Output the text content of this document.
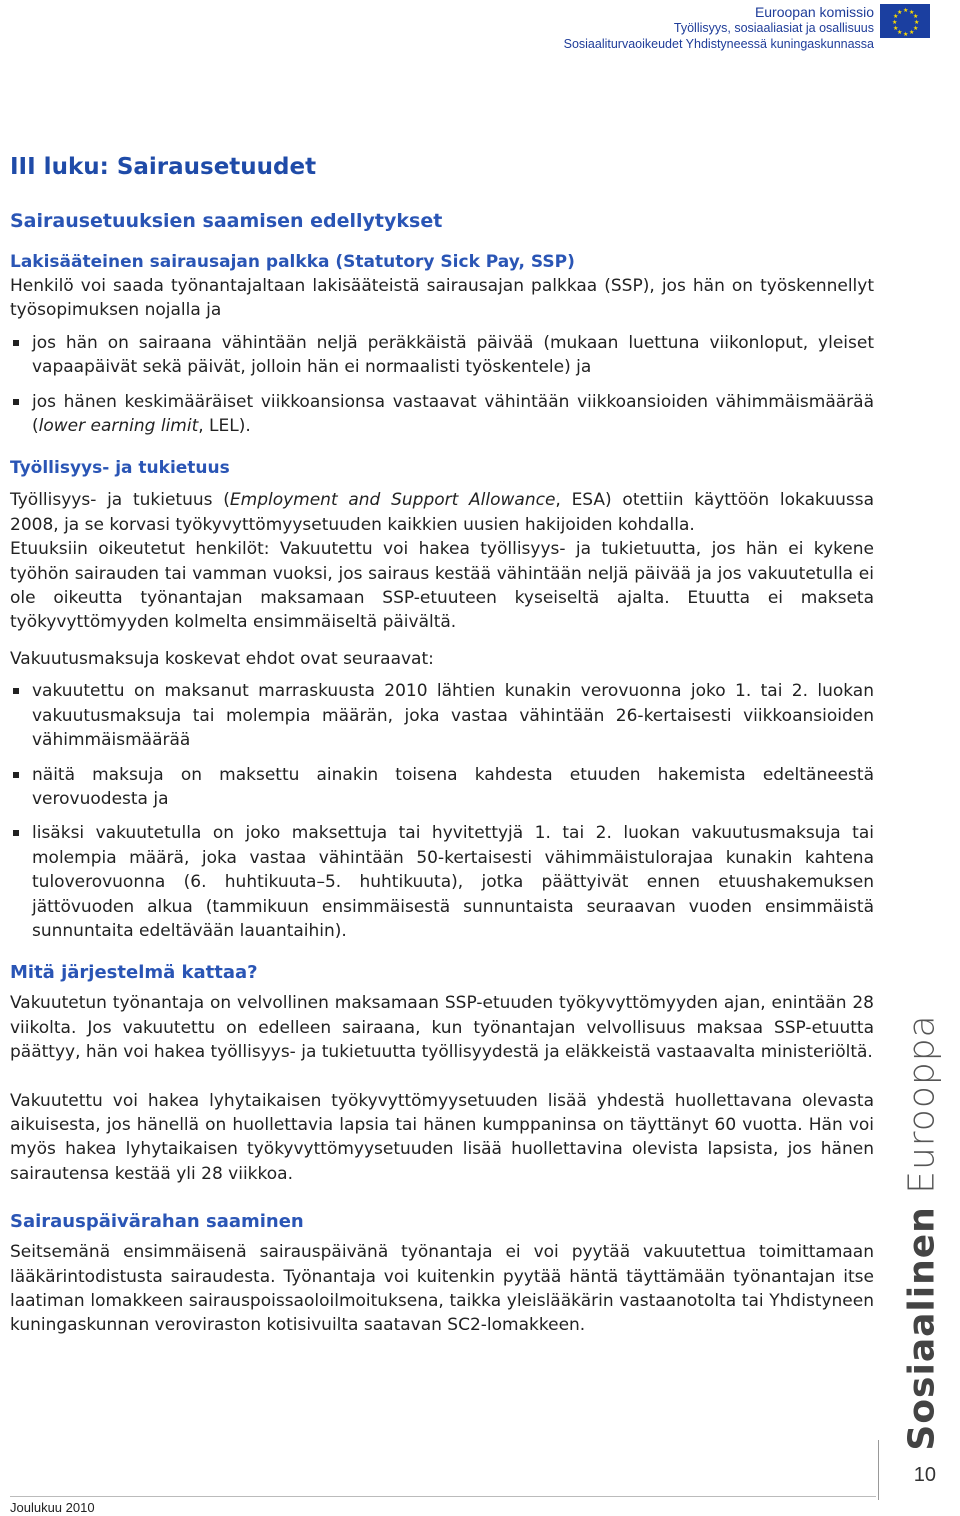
Euroopan komissio
Työllisyys, sosiaaliasiat ja osallisuus
Sosiaaliturvaoikeudet Yhdistyneessä kuningaskunnassa
★ ★
★
★
★
★
★
★
★
★
★
★
III luku: Sairausetuudet
Sairausetuuksien saamisen edellytykset
Lakisääteinen sairausajan palkka (Statutory Sick Pay, SSP)

Henkilö voi saada työnantajaltaan lakisääteistä sairausajan palkkaa (SSP), jos hän on työskennellyt työsopimuksen nojalla ja

jos hän on sairaana vähintään neljä peräkkäistä päivää (mukaan luettuna viikonloput, yleiset vapaapäivät sekä päivät, jolloin hän ei normaalisti työskentele) ja
jos hänen keskimääräiset viikkoansionsa vastaavat vähintään viikkoansioiden vähimmäismäärää (lower earning limit, LEL).
Työllisyys- ja tukietuus

Työllisyys- ja tukietuus (Employment and Support Allowance, ESA) otettiin käyttöön lokakuussa 2008, ja se korvasi työkyvyttömyysetuuden kaikkien uusien hakijoiden kohdalla.

Etuuksiin oikeutetut henkilöt: Vakuutettu voi hakea työllisyys- ja tukietuutta, jos hän ei kykene työhön sairauden tai vamman vuoksi, jos sairaus kestää vähintään neljä päivää ja jos vakuutetulla ei ole oikeutta työnantajan maksamaan SSP-etuuteen kyseiseltä ajalta. Etuutta ei makseta työkyvyttömyyden kolmelta ensimmäiseltä päivältä.

Vakuutusmaksuja koskevat ehdot ovat seuraavat:

vakuutettu on maksanut marraskuusta 2010 lähtien kunakin verovuonna joko 1. tai 2. luokan vakuutusmaksuja tai molempia määrän, joka vastaa vähintään 26-kertaisesti viikkoansioiden vähimmäismäärää
näitä maksuja on maksettu ainakin toisena kahdesta etuuden hakemista edeltäneestä verovuodesta ja
lisäksi vakuutetulla on joko maksettuja tai hyvitettyjä 1. tai 2. luokan vakuutusmaksuja tai molempia määrä, joka vastaa vähintään 50-kertaisesti vähimmäistulorajaa kunakin kahtena tuloverovuonna (6. huhtikuuta–5. huhtikuuta), jotka päättyivät ennen etuushakemuksen jättövuoden alkua (tammikuun ensimmäisestä sunnuntaista seuraavan vuoden ensimmäistä sunnuntaita edeltävään lauantaihin).
Mitä järjestelmä kattaa?

Vakuutetun työnantaja on velvollinen maksamaan SSP-etuuden työkyvyttömyyden ajan, enintään 28 viikolta. Jos vakuutettu on edelleen sairaana, kun työnantajan velvollisuus maksaa SSP-etuutta päättyy, hän voi hakea työllisyys- ja tukietuutta työllisyydestä ja eläkkeistä vastaavalta ministeriöltä.

Vakuutettu voi hakea lyhytaikaisen työkyvyttömyysetuuden lisää yhdestä huollettavana olevasta aikuisesta, jos hänellä on huollettavia lapsia tai hänen kumppaninsa on täyttänyt 60 vuotta. Hän voi myös hakea lyhytaikaisen työkyvyttömyysetuuden lisää huollettavina olevista lapsista, jos hänen sairautensa kestää yli 28 viikkoa.

Sairauspäivärahan saaminen

Seitsemänä ensimmäisenä sairauspäivänä työnantaja ei voi pyytää vakuutettua toimittamaan lääkärintodistusta sairaudesta. Työnantaja voi kuitenkin pyytää häntä täyttämään työnantajan itse laatiman lomakkeen sairauspoissaoloilmoituksena, taikka yleislääkärin vastaanotolta tai Yhdistyneen kuningaskunnan veroviraston kotisivuilta saatavan SC2-lomakkeen.	Sosiaalinen Eurooppa
10
Joulukuu 2010
